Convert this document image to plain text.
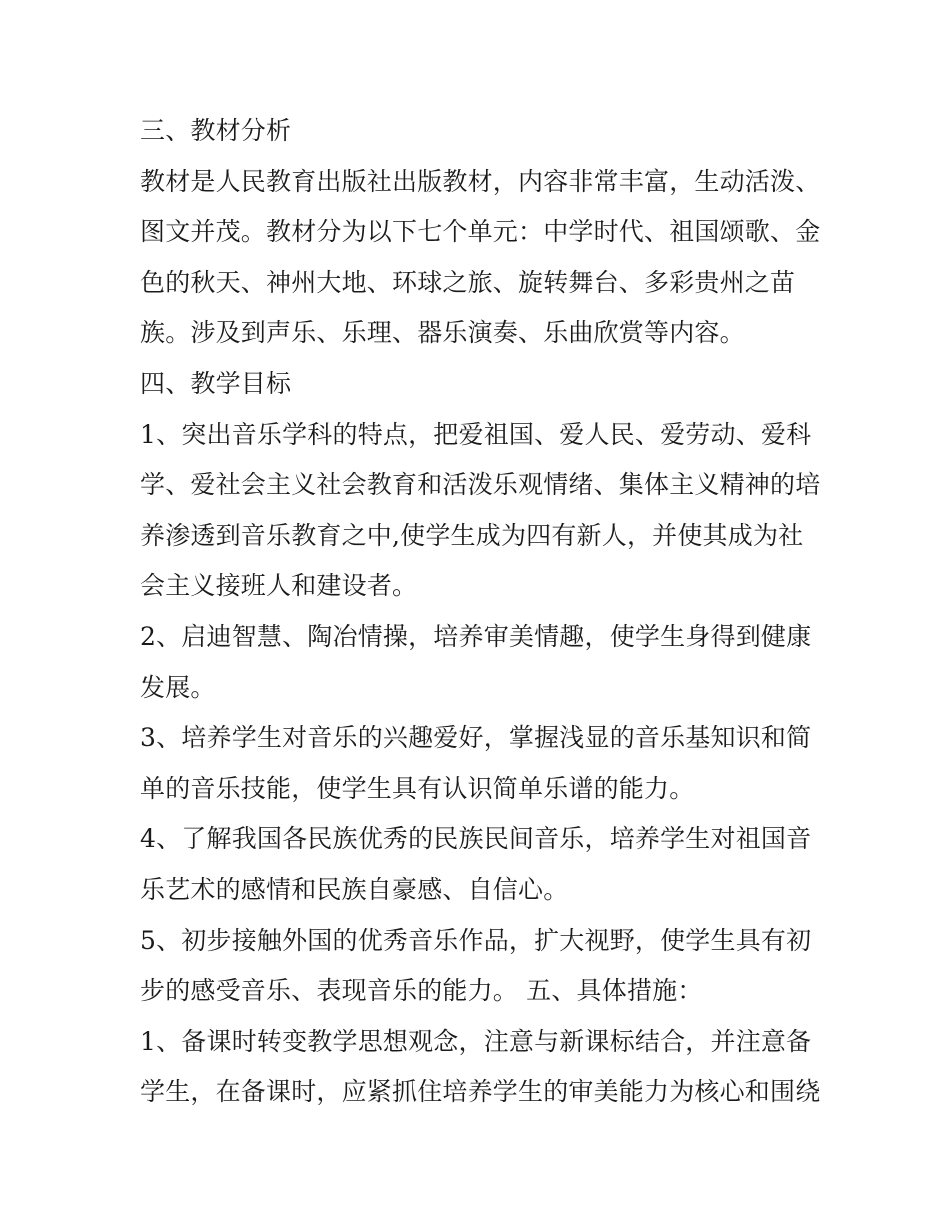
三、教材分析
教材是人民教育出版社出版教材，内容非常丰富，生动活泼、
图文并茂。教材分为以下七个单元：中学时代、祖国颂歌、金
色的秋天、神州大地、环球之旅、旋转舞台、多彩贵州之苗
族。涉及到声乐、乐理、器乐演奏、乐曲欣赏等内容。
四、教学目标
1、突出音乐学科的特点，把爱祖国、爱人民、爱劳动、爱科
学、爱社会主义社会教育和活泼乐观情绪、集体主义精神的培
养渗透到音乐教育之中,使学生成为四有新人，并使其成为社
会主义接班人和建设者。
2、启迪智慧、陶冶情操，培养审美情趣，使学生身得到健康
发展。
3、培养学生对音乐的兴趣爱好，掌握浅显的音乐基知识和简
单的音乐技能，使学生具有认识简单乐谱的能力。
4、了解我国各民族优秀的民族民间音乐，培养学生对祖国音
乐艺术的感情和民族自豪感、自信心。
5、初步接触外国的优秀音乐作品，扩大视野，使学生具有初
步的感受音乐、表现音乐的能力。 五、具体措施：
1、备课时转变教学思想观念，注意与新课标结合，并注意备
学生，在备课时，应紧抓住培养学生的审美能力为核心和围绕
